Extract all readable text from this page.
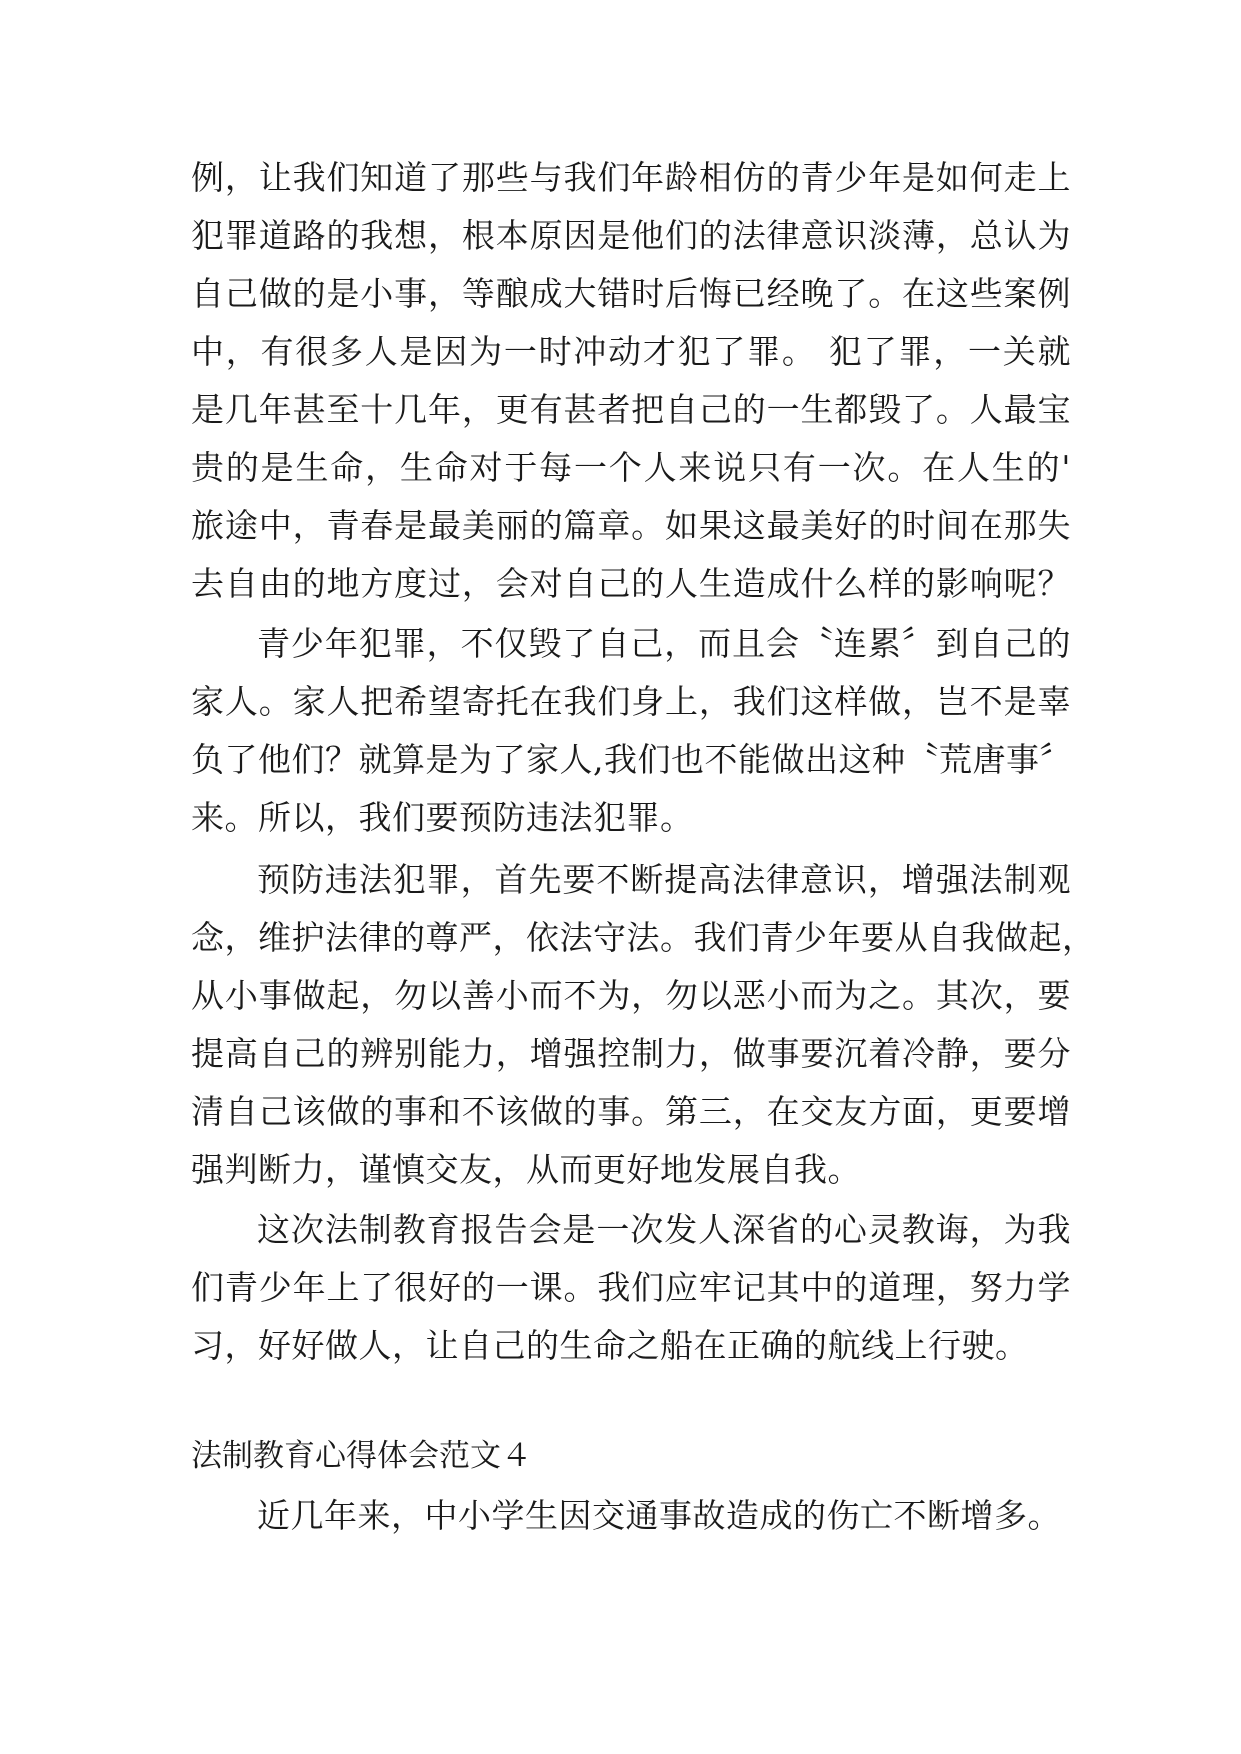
例，让我们知道了那些与我们年龄相仿的青少年是如何走上

犯罪道路的我想，根本原因是他们的法律意识淡薄，总认为

自己做的是小事，等酿成大错时后悔已经晚了。在这些案例

中，有很多人是因为一时冲动才犯了罪。 犯了罪，一关就

是几年甚至十几年，更有甚者把自己的一生都毁了。人最宝

贵的是生命，生命对于每一个人来说只有一次。在人生的'

旅途中，青春是最美丽的篇章。如果这最美好的时间在那失

去自由的地方度过，会对自己的人生造成什么样的影响呢？

青少年犯罪，不仅毁了自己，而且会〝连累〞到自己的

家人。家人把希望寄托在我们身上，我们这样做，岂不是辜

负了他们？就算是为了家人,我们也不能做出这种〝荒唐事〞

来。所以，我们要预防违法犯罪。

预防违法犯罪，首先要不断提高法律意识，增强法制观

念，维护法律的尊严，依法守法。我们青少年要从自我做起，

从小事做起，勿以善小而不为，勿以恶小而为之。其次，要

提高自己的辨别能力，增强控制力，做事要沉着冷静，要分

清自己该做的事和不该做的事。第三，在交友方面，更要增

强判断力，谨慎交友，从而更好地发展自我。

这次法制教育报告会是一次发人深省的心灵教诲，为我

们青少年上了很好的一课。我们应牢记其中的道理，努力学

习，好好做人，让自己的生命之船在正确的航线上行驶。

法制教育心得体会范文４

近几年来，中小学生因交通事故造成的伤亡不断增多。
